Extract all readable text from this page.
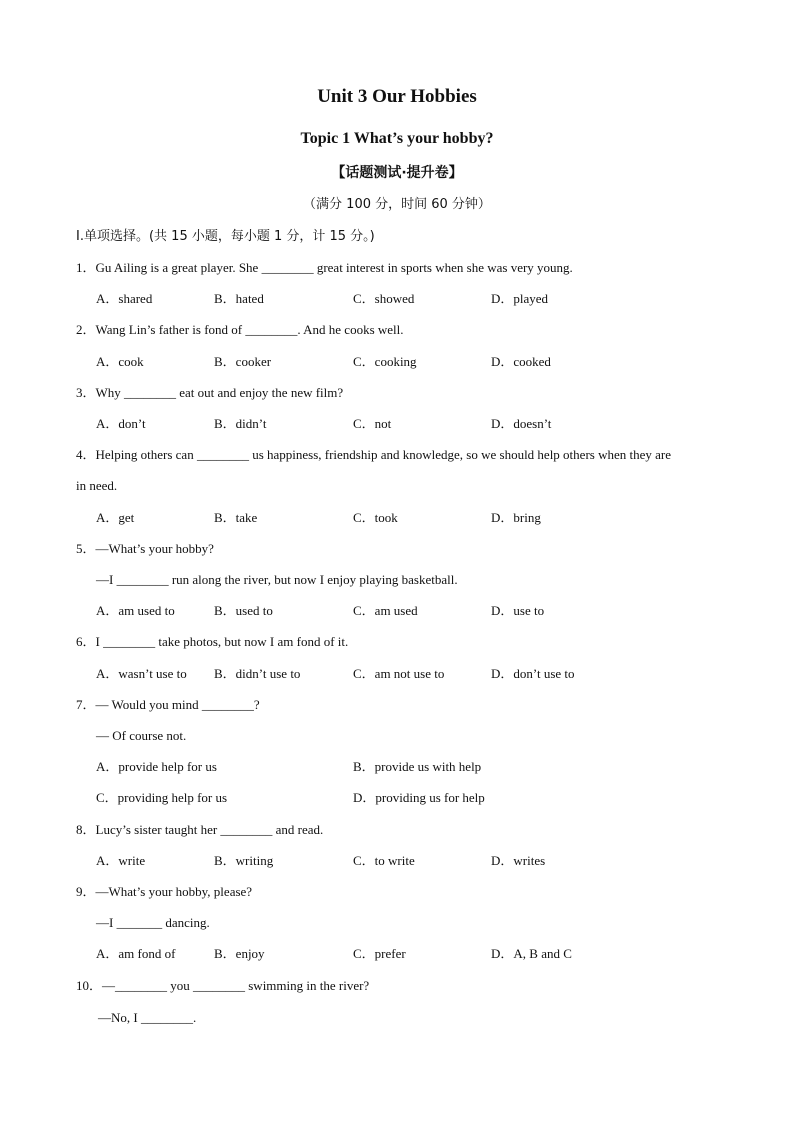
Unit 3 Our Hobbies
Topic 1 What’s your hobby?
【话题测试·提升卷】
（满分 100 分，时间 60 分钟）
I.单项选择。(共 15 小题，每小题 1 分，计 15 分。)
1．Gu Ailing is a great player. She ________ great interest in sports when she was very young.
A．shared	B．hated	C．showed	D．played
2．Wang Lin’s father is fond of ________. And he cooks well.
A．cook	B．cooker	C．cooking	D．cooked
3．Why ________ eat out and enjoy the new film?
A．don’t	B．didn’t	C．not	D．doesn’t
4．Helping others can ________ us happiness, friendship and knowledge, so we should help others when they are
in need.
A．get	B．take	C．took	D．bring
5．—What’s your hobby?
—I ________ run along the river, but now I enjoy playing basketball.
A．am used to	B．used to	C．am used	D．use to
6．I ________ take photos, but now I am fond of it.
A．wasn’t use to B．didn’t use to	C．am not use to	D．don’t use to
7．— Would you mind ________?
— Of course not.
A．provide help for us	B．provide us with help
C．providing help for us	D．providing us for help
8．Lucy’s sister taught her ________ and read.
A．write	B．writing	C．to write	D．writes
9．—What’s your hobby, please?
—I _______ dancing.
A．am fond of	B．enjoy	C．prefer	D．A, B and C
10．—________ you ________ swimming in the river?
—No, I ________.
